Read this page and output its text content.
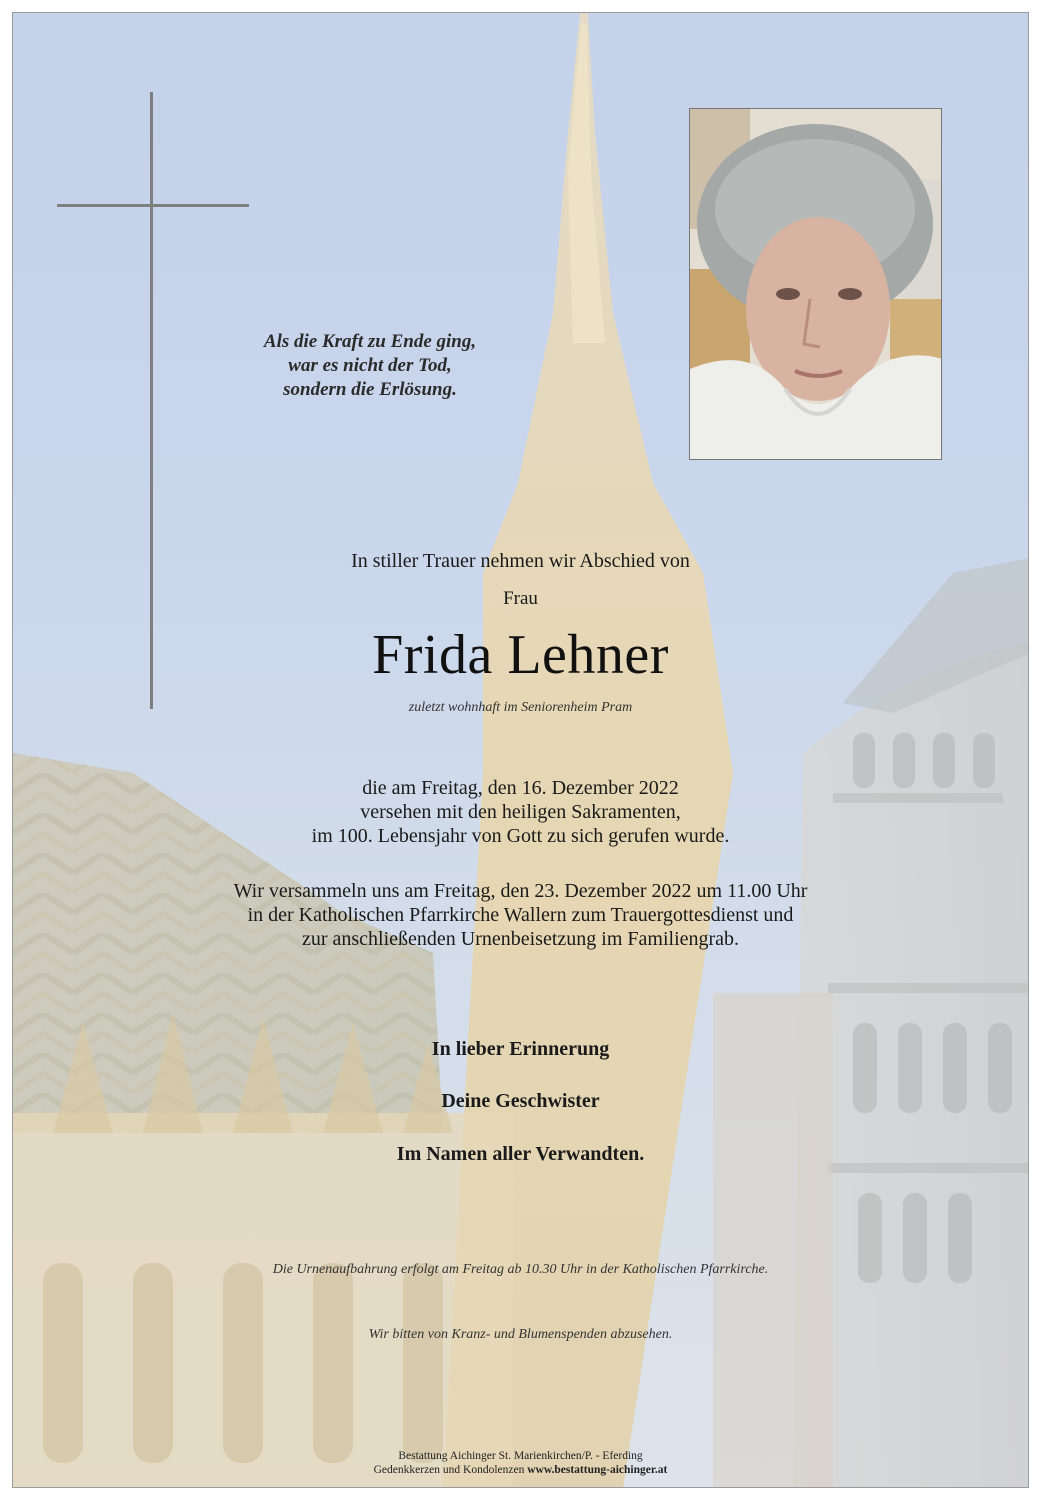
Als die Kraft zu Ende ging,
war es nicht der Tod,
sondern die Erlösung.
In stiller Trauer nehmen wir Abschied von
Frau
Frida Lehner
zuletzt wohnhaft im Seniorenheim Pram
die am Freitag, den 16. Dezember 2022
versehen mit den heiligen Sakramenten,
im 100. Lebensjahr von Gott zu sich gerufen wurde.
Wir versammeln uns am Freitag, den 23. Dezember 2022 um 11.00 Uhr
in der Katholischen Pfarrkirche Wallern zum Trauergottesdienst und
zur anschließenden Urnenbeisetzung im Familiengrab.
In lieber Erinnerung
Deine Geschwister
Im Namen aller Verwandten.
Die Urnenaufbahrung erfolgt am Freitag ab 10.30 Uhr in der Katholischen Pfarrkirche.
Wir bitten von Kranz- und Blumenspenden abzusehen.
Bestattung Aichinger St. Marienkirchen/P. - Eferding
Gedenkkerzen und Kondolenzen www.bestattung-aichinger.at
